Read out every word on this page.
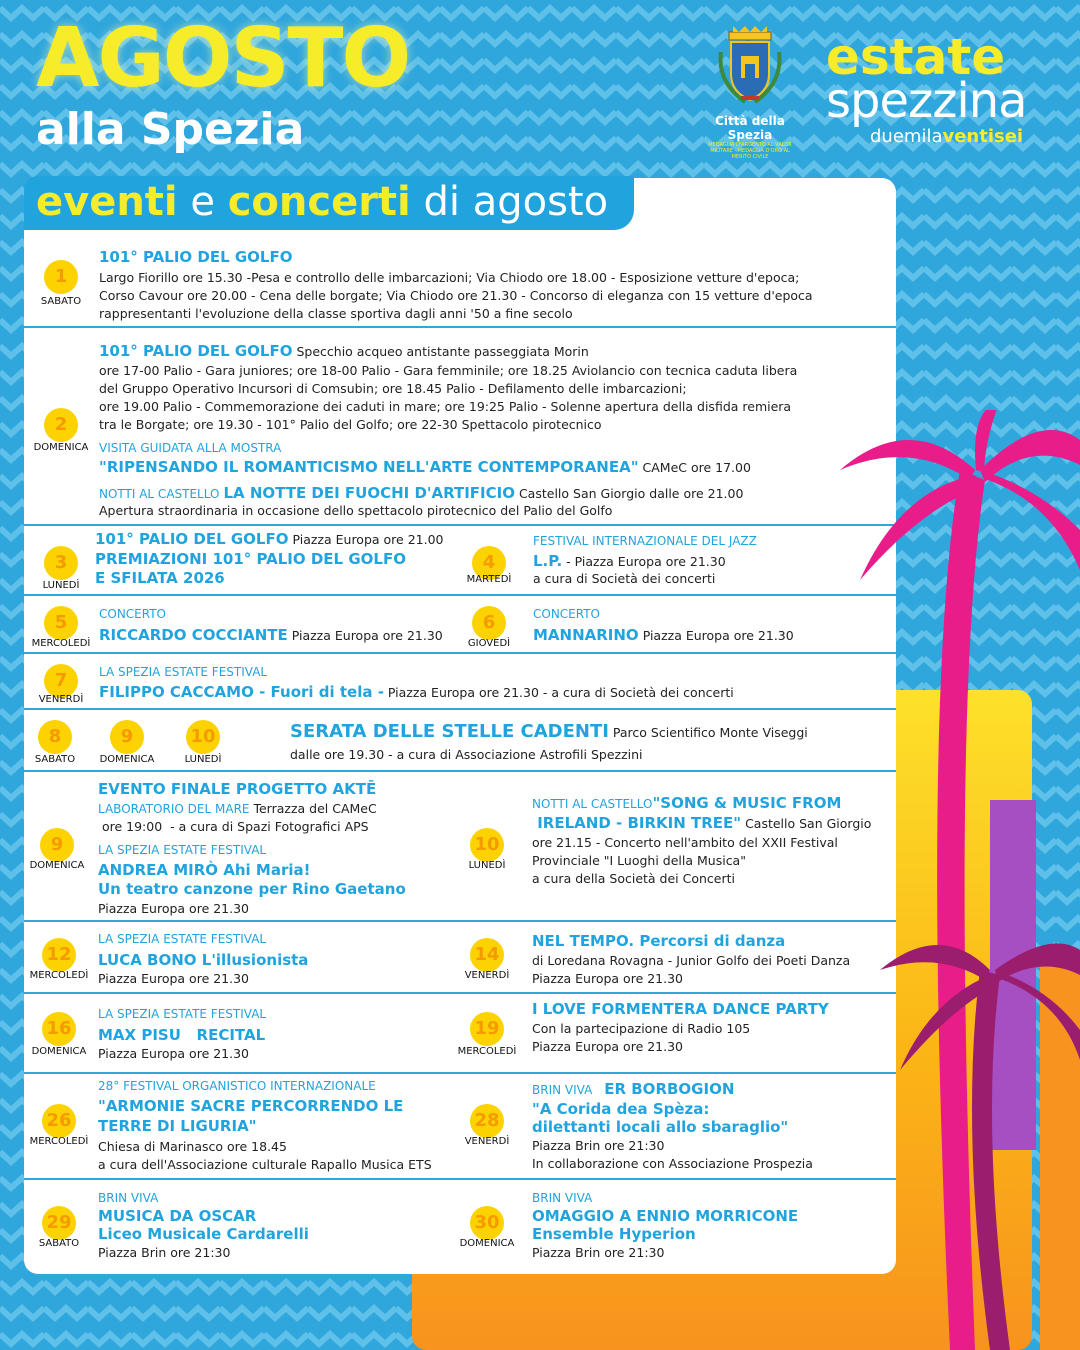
AGOSTO
alla Spezia	Città della Spezia
MEDAGLIA D'ARGENTO AL VALOR MILITARE · MEDAGLIA D'ORO AL MERITO CIVILE
estate
spezzina
duemilaventisei
1
SABATO
101° PALIO DEL GOLFO
Largo Fiorillo ore 15.30 -Pesa e controllo delle imbarcazioni; Via Chiodo ore 18.00 - Esposizione vetture d'epoca;
Corso Cavour ore 20.00 - Cena delle borgate; Via Chiodo ore 21.30 - Concorso di eleganza con 15 vetture d'epoca
rappresentanti l'evoluzione della classe sportiva dagli anni '50 a fine secolo
2
DOMENICA
101° PALIO DEL GOLFO Specchio acqueo antistante passeggiata Morin
ore 17-00 Palio - Gara juniores; ore 18-00 Palio - Gara femminile; ore 18.25 Aviolancio con tecnica caduta libera
del Gruppo Operativo Incursori di Comsubin; ore 18.45 Palio - Defilamento delle imbarcazioni;
ore 19.00 Palio - Commemorazione dei caduti in mare; ore 19:25 Palio - Solenne apertura della disfida remiera
tra le Borgate; ore 19.30 - 101° Palio del Golfo; ore 22-30 Spettacolo pirotecnico
VISITA GUIDATA ALLA MOSTRA
"RIPENSANDO IL ROMANTICISMO NELL'ARTE CONTEMPORANEA" CAMeC ore 17.00
NOTTI AL CASTELLO LA NOTTE DEI FUOCHI D'ARTIFICIO Castello San Giorgio dalle ore 21.00
Apertura straordinaria in occasione dello spettacolo pirotecnico del Palio del Golfo
3
LUNEDÌ
101° PALIO DEL GOLFO Piazza Europa ore 21.00
PREMIAZIONI 101° PALIO DEL GOLFO
E SFILATA 2026
4
MARTEDÌ
FESTIVAL INTERNAZIONALE DEL JAZZ
L.P. - Piazza Europa ore 21.30
a cura di Società dei concerti
5
MERCOLEDÌ
CONCERTO
RICCARDO COCCIANTE Piazza Europa ore 21.30
6
GIOVEDÌ
CONCERTO
MANNARINO Piazza Europa ore 21.30
7
VENERDÌ
LA SPEZIA ESTATE FESTIVAL
FILIPPO CACCAMO - Fuori di tela - Piazza Europa ore 21.30 - a cura di Società dei concerti
8
SABATO
9
DOMENICA
10
LUNEDÌ
SERATA DELLE STELLE CADENTI Parco Scientifico Monte Viseggi
dalle ore 19.30 - a cura di Associazione Astrofili Spezzini
9
DOMENICA
EVENTO FINALE PROGETTO AKTĒ
LABORATORIO DEL MARE Terrazza del CAMeC
ore 19:00  - a cura di Spazi Fotografici APS
LA SPEZIA ESTATE FESTIVAL
ANDREA MIRÒ Ahi Maria!
Un teatro canzone per Rino Gaetano
Piazza Europa ore 21.30
10
LUNEDÌ
NOTTI AL CASTELLO"SONG & MUSIC FROM
IRELAND - BIRKIN TREE" Castello San Giorgio
ore 21.15 - Concerto nell'ambito del XXII Festival
Provinciale "I Luoghi della Musica"
a cura della Società dei Concerti
12
MERCOLEDÌ
LA SPEZIA ESTATE FESTIVAL
LUCA BONO L'illusionista
Piazza Europa ore 21.30
14
VENERDÌ
NEL TEMPO. Percorsi di danza
di Loredana Rovagna - Junior Golfo dei Poeti Danza
Piazza Europa ore 21.30
16
DOMENICA
LA SPEZIA ESTATE FESTIVAL
MAX PISU   RECITAL
Piazza Europa ore 21.30
19
MERCOLEDÌ
I LOVE FORMENTERA DANCE PARTY
Con la partecipazione di Radio 105
Piazza Europa ore 21.30
26
MERCOLEDÌ
28° FESTIVAL ORGANISTICO INTERNAZIONALE
"ARMONIE SACRE PERCORRENDO LE
TERRE DI LIGURIA"
Chiesa di Marinasco ore 18.45
a cura dell'Associazione culturale Rapallo Musica ETS
28
VENERDÌ
BRIN VIVA ER BORBOGION
"A Corida dea Spèza:
dilettanti locali allo sbaraglio"
Piazza Brin ore 21:30
In collaborazione con Associazione Prospezia
29
SABATO
BRIN VIVA
MUSICA DA OSCAR
Liceo Musicale Cardarelli
Piazza Brin ore 21:30
30
DOMENICA
BRIN VIVA
OMAGGIO A ENNIO MORRICONE
Ensemble Hyperion
Piazza Brin ore 21:30
eventi e concerti di agosto
